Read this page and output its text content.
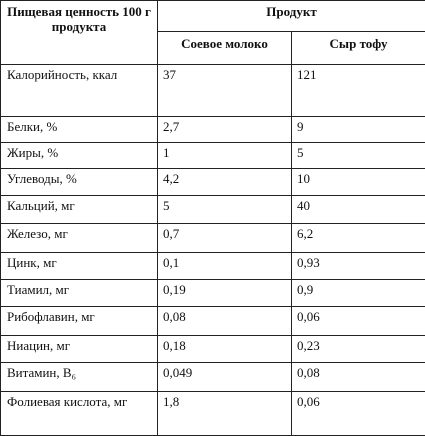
Пищевая ценность 100 г продукта	Продукт	
	Соевое молоко	Сыр тофу
Калорийность, ккал	37	121
Белки, %	2,7	9
Жиры, %	1	5
Углеводы, %	4,2	10
Кальций, мг	5	40
Железо, мг	0,7	6,2
Цинк, мг	0,1	0,93
Тиамил, мг	0,19	0,9
Рибофлавин, мг	0,08	0,06
Ниацин, мг	0,18	0,23
Витамин, B₆	0,049	0,08
Фолиевая кислота, мг	1,8	0,06
